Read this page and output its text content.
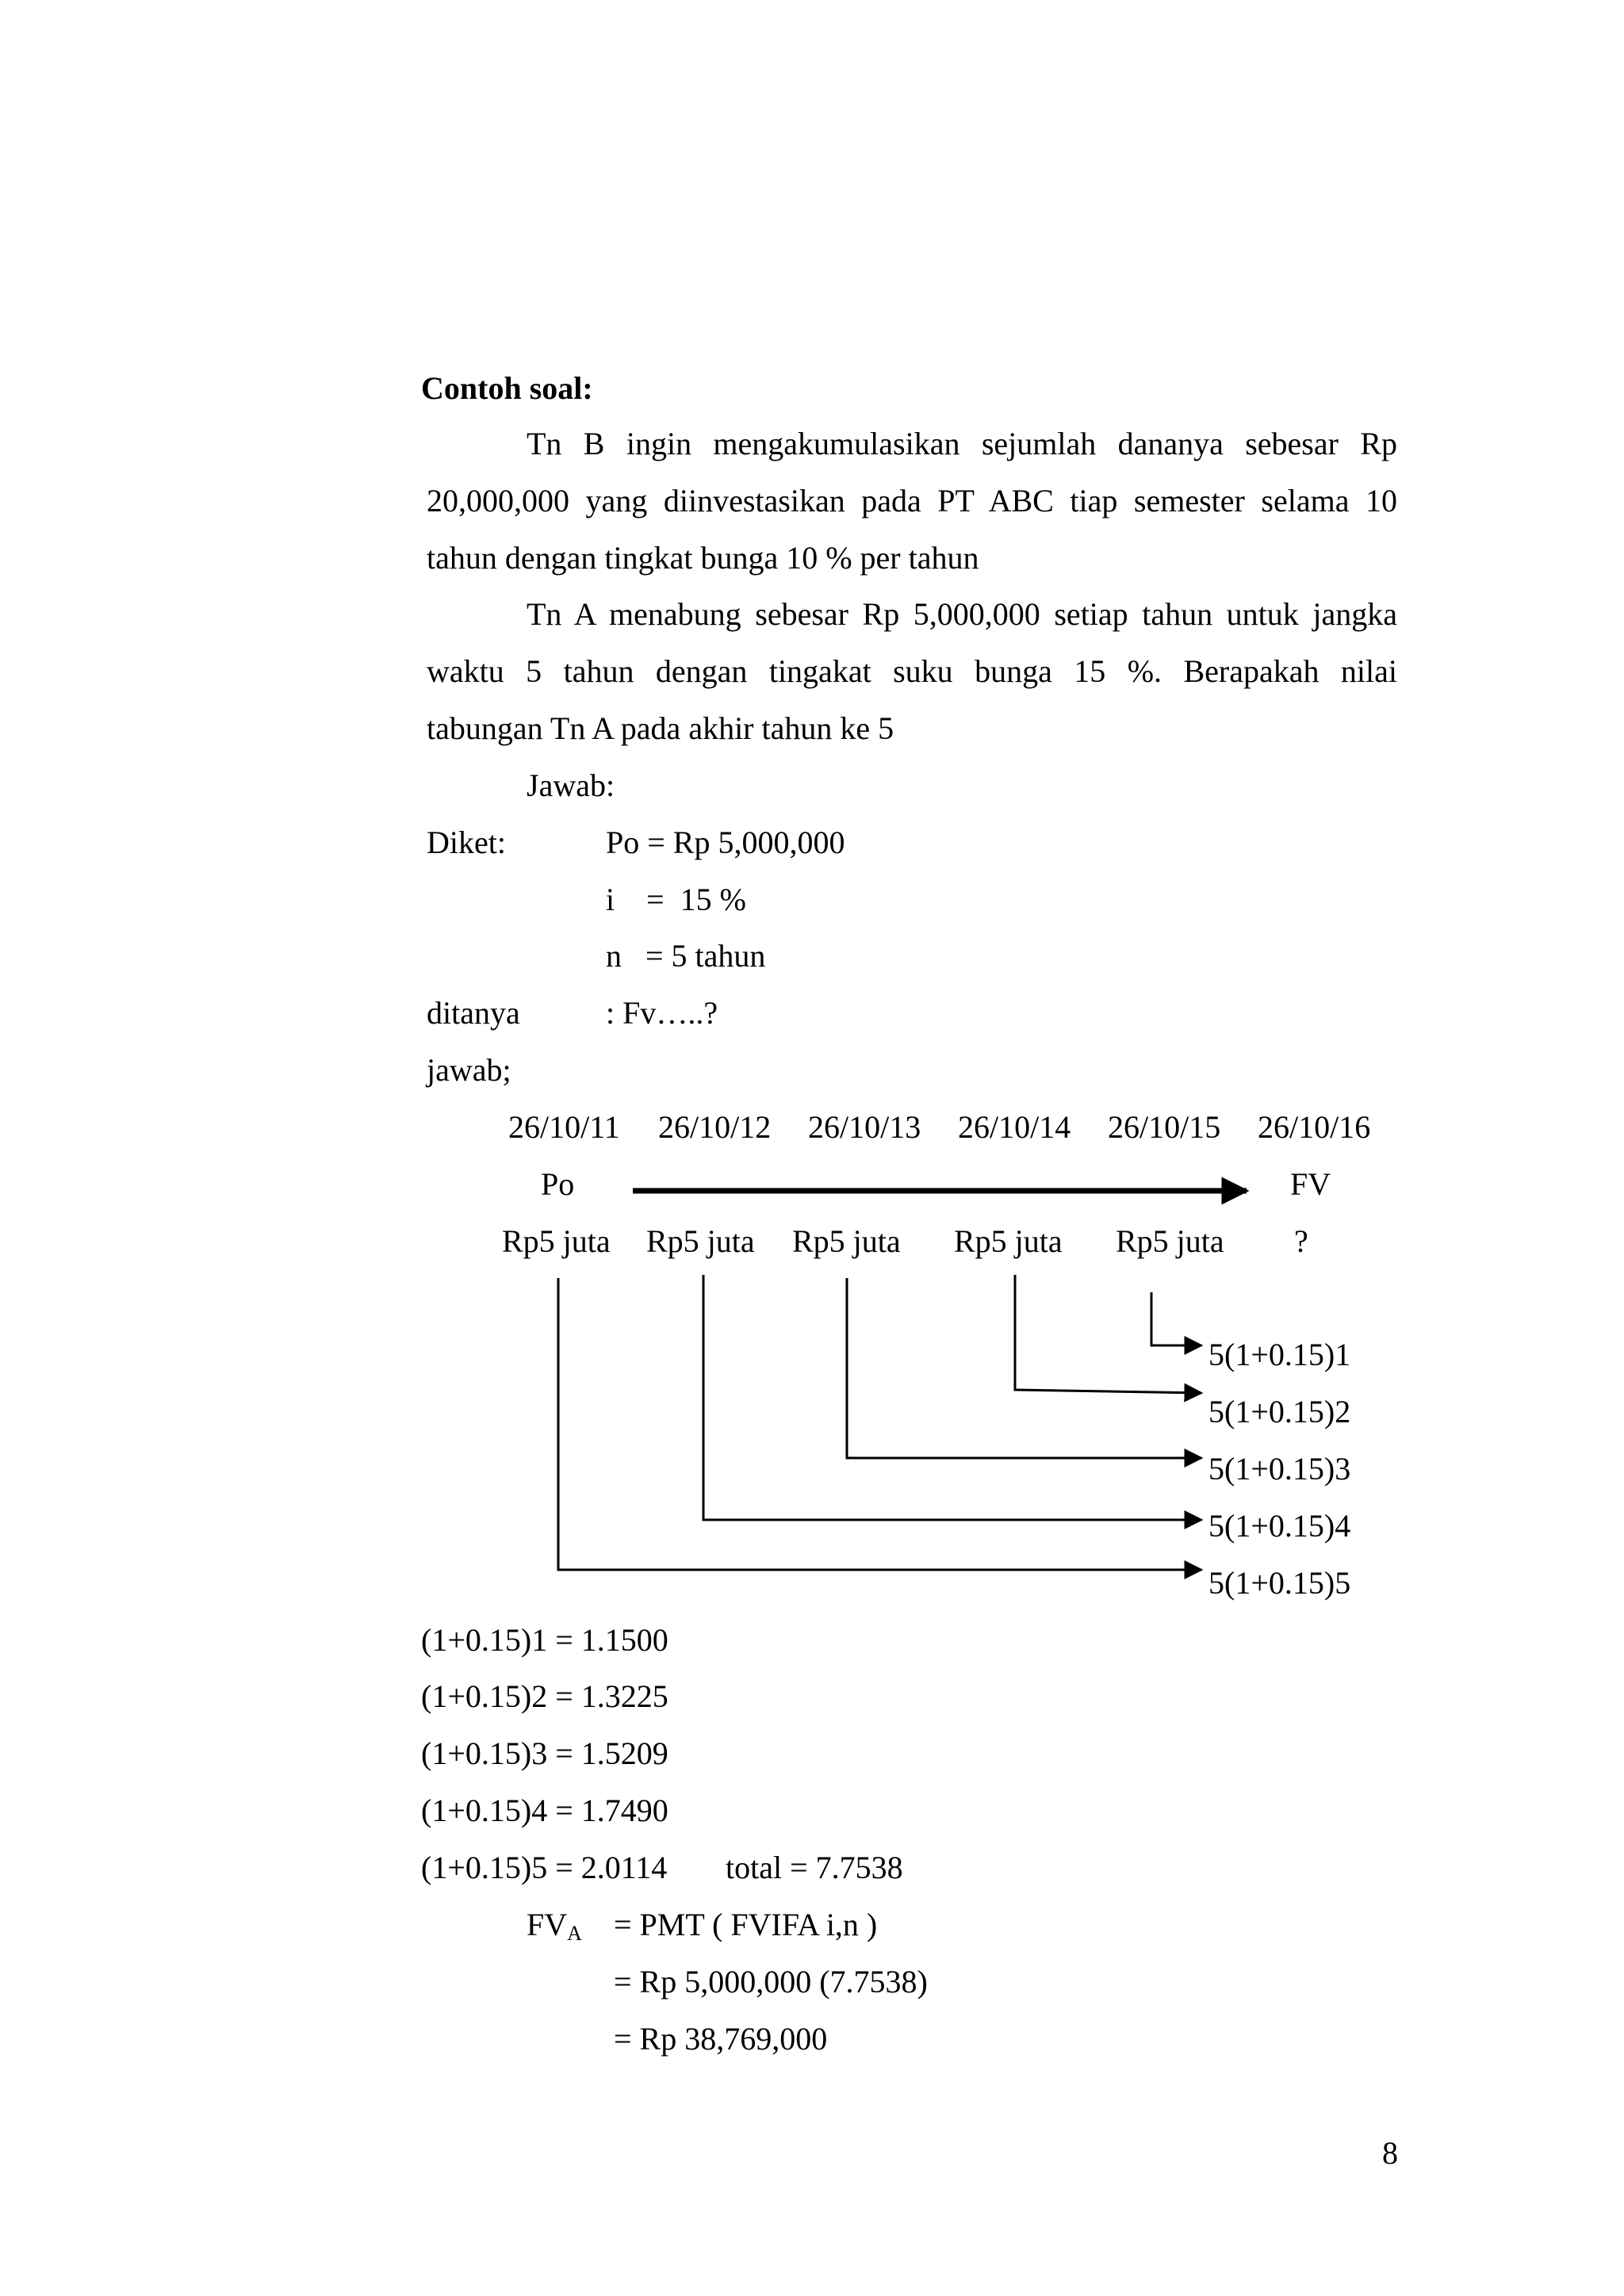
Contoh soal:
Tn B ingin mengakumulasikan sejumlah dananya sebesar Rp
20,000,000 yang diinvestasikan pada PT ABC tiap semester selama 10
tahun dengan tingkat bunga 10 % per tahun
Tn A menabung sebesar Rp 5,000,000 setiap tahun untuk jangka
waktu 5 tahun dengan tingakat suku bunga 15 %. Berapakah nilai
tabungan Tn A pada akhir tahun ke 5
Jawab:
Diket:	Po = Rp 5,000,000
i    =  15 %
n   = 5 tahun
ditanya	: Fv…..?
jawab;
26/10/11 26/10/12 26/10/13 26/10/14 26/10/15 26/10/16
Po	FV
Rp5 juta Rp5 juta Rp5 juta Rp5 juta Rp5 juta ?
5(1+0.15)1
5(1+0.15)2
5(1+0.15)3
5(1+0.15)4
5(1+0.15)5
(1+0.15)1 = 1.1500
(1+0.15)2 = 1.3225
(1+0.15)3 = 1.5209
(1+0.15)4 = 1.7490
(1+0.15)5 = 2.0114 total = 7.7538
$FV_A$ = PMT ( FVIFA i,n )
= Rp 5,000,000 (7.7538)
= Rp 38,769,000
8
